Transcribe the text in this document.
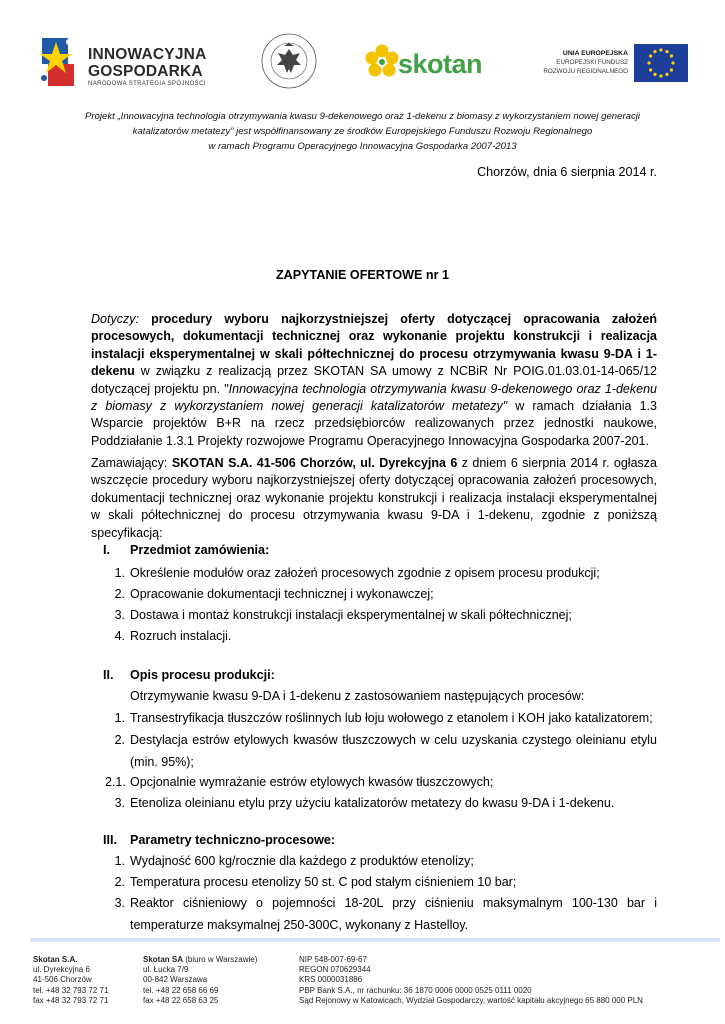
INNOWACYJNA
GOSPODARKA
NARODOWA STRATEGIA SPÓJNOŚCI
skotan	UNIA EUROPEJSKA
EUROPEJSKI FUNDUSZ
ROZWOJU REGIONALNEGO
Projekt „Innowacyjna technologia otrzymywania kwasu 9-dekenowego oraz 1-dekenu z biomasy z wykorzystaniem nowej generacji
katalizatorów metatezy” jest współfinansowany ze środków Europejskiego Funduszu Rozwoju Regionalnego
w ramach Programu Operacyjnego Innowacyjna Gospodarka 2007-2013
Chorzów, dnia 6 sierpnia 2014 r.
ZAPYTANIE OFERTOWE nr 1
Dotyczy: procedury wyboru najkorzystniejszej oferty dotyczącej opracowania założeń procesowych, dokumentacji technicznej oraz wykonanie projektu konstrukcji i realizacja instalacji eksperymentalnej w skali półtechnicznej do procesu otrzymywania kwasu 9-DA i 1-dekenu w związku z realizacją przez SKOTAN SA umowy z NCBiR Nr POIG.01.03.01-14-065/12 dotyczącej projektu pn. "Innowacyjna technologia otrzymywania kwasu 9-dekenowego oraz 1-dekenu z biomasy z wykorzystaniem nowej generacji katalizatorów metatezy" w ramach działania 1.3 Wsparcie projektów B+R na rzecz przedsiębiorców realizowanych przez jednostki naukowe, Poddziałanie 1.3.1 Projekty rozwojowe Programu Operacyjnego Innowacyjna Gospodarka 2007-201.
Zamawiający: SKOTAN S.A. 41-506 Chorzów, ul. Dyrekcyjna 6 z dniem 6 sierpnia 2014 r. ogłasza wszczęcie procedury wyboru najkorzystniejszej oferty dotyczącej opracowania założeń procesowych, dokumentacji technicznej oraz wykonanie projektu konstrukcji i realizacja instalacji eksperymentalnej w skali półtechnicznej do procesu otrzymywania kwasu 9-DA i 1-dekenu, zgodnie z poniższą specyfikacją:
I. Przedmiot zamówienia:
1. Określenie modułów oraz założeń procesowych zgodnie z opisem procesu produkcji;
2. Opracowanie dokumentacji technicznej i wykonawczej;
3. Dostawa i montaż konstrukcji instalacji eksperymentalnej w skali półtechnicznej;
4. Rozruch instalacji.
II. Opis procesu produkcji:
Otrzymywanie kwasu 9-DA i 1-dekenu z zastosowaniem następujących procesów:
1. Transestryfikacja tłuszczów roślinnych lub łoju wołowego z etanolem i KOH jako katalizatorem;
2. Destylacja estrów etylowych kwasów tłuszczowych w celu uzyskania czystego oleinianu etylu (min. 95%);
2.1. Opcjonalnie wymrażanie estrów etylowych kwasów tłuszczowych;
3. Etenoliza oleinianu etylu przy użyciu katalizatorów metatezy do kwasu 9-DA i 1-dekenu.
III. Parametry techniczno-procesowe:
1. Wydajność 600 kg/rocznie dla każdego z produktów etenolizy;
2. Temperatura procesu etenolizy 50 st. C pod stałym ciśnieniem 10 bar;
3. Reaktor ciśnieniowy o pojemności 18-20L przy ciśnieniu maksymalnym 100-130 bar i temperaturze maksymalnej 250-300C, wykonany z Hastelloy.
Skotan S.A.
ul. Dyrekcyjna 6
41-506 Chorzów
tel. +48 32 793 72 71
fax +48 32 793 72 71
Skotan SA (biuro w Warszawie)
ul. Łucka 7/9
00-842 Warszawa
tel. +48 22 658 66 69
fax +48 22 658 63 25
NIP 548-007-69-67
REGON 070629344
KRS 0000031886
PBP Bank S.A., nr rachunku: 36 1870 0006 0000 0525 0111 0020
Sąd Rejonowy w Katowicach, Wydział Gospodarczy, wartość kapitału akcyjnego 65 880 000 PLN
